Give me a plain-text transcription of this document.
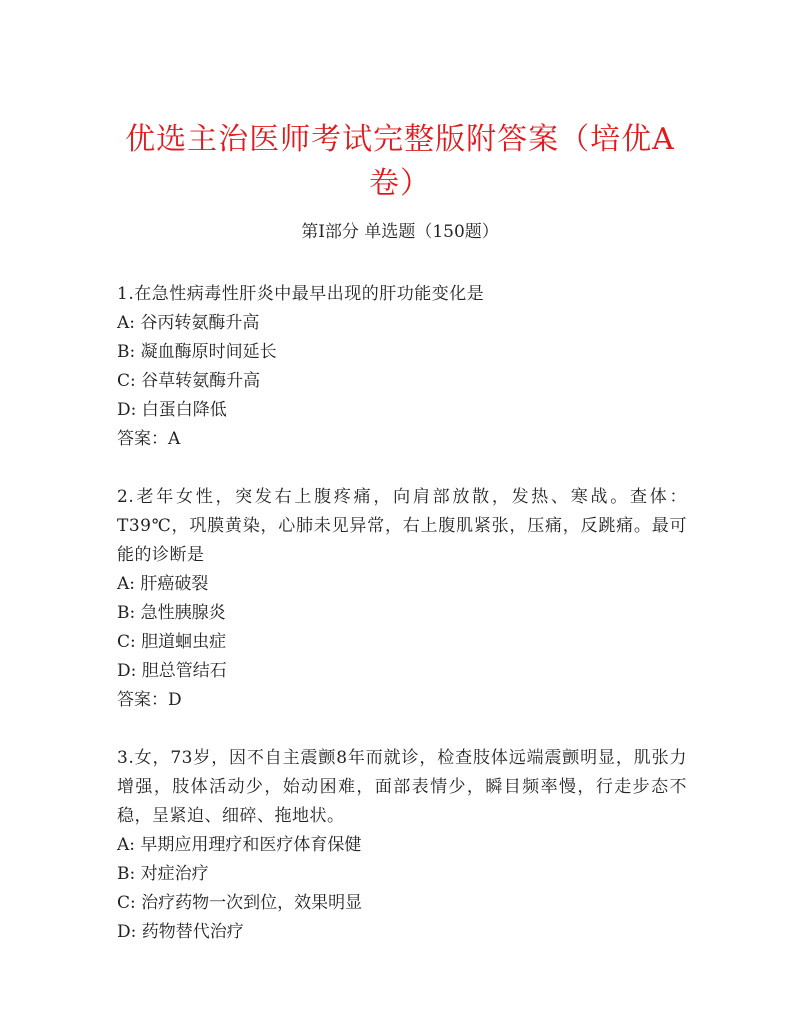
优选主治医师考试完整版附答案（培优A卷）
第I部分 单选题（150题）

1.在急性病毒性肝炎中最早出现的肝功能变化是

A: 谷丙转氨酶升高

B: 凝血酶原时间延长

C: 谷草转氨酶升高

D: 白蛋白降低

答案：A

2.老年女性，突发右上腹疼痛，向肩部放散，发热、寒战。查体：T39℃，巩膜黄染，心肺未见异常，右上腹肌紧张，压痛，反跳痛。最可能的诊断是

A: 肝癌破裂

B: 急性胰腺炎

C: 胆道蛔虫症

D: 胆总管结石

答案：D

3.女，73岁，因不自主震颤8年而就诊，检查肢体远端震颤明显，肌张力增强，肢体活动少，始动困难，面部表情少，瞬目频率慢，行走步态不稳，呈紧迫、细碎、拖地状。

A: 早期应用理疗和医疗体育保健

B: 对症治疗

C: 治疗药物一次到位，效果明显

D: 药物替代治疗
